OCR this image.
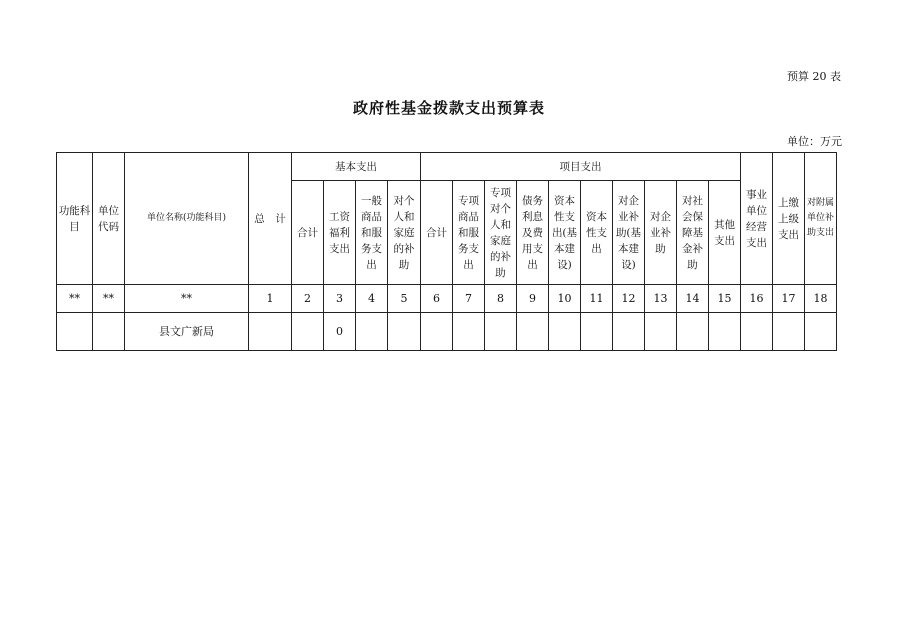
预算 20 表
政府性基金拨款支出预算表
单位：万元
功能科目	单位代码	单位名称(功能科目)	总　计	基本支出				项目支出										事业单位经营支出	上缴上级支出	对附属单位补助支出
				合计	工资福利支出	一般商品和服务支出	对个人和家庭的补助	合计	专项商品和服务支出	专项对个人和家庭的补助	债务利息及费用支出	资本性支出(基本建设)	资本性支出	对企业补助(基本建设)	对企业补助	对社会保障基金补助	其他支出			
**	**	**	1	2	3	4	5	6	7	8	9	10	11	12	13	14	15	16	17	18
		县文广新局			0															
